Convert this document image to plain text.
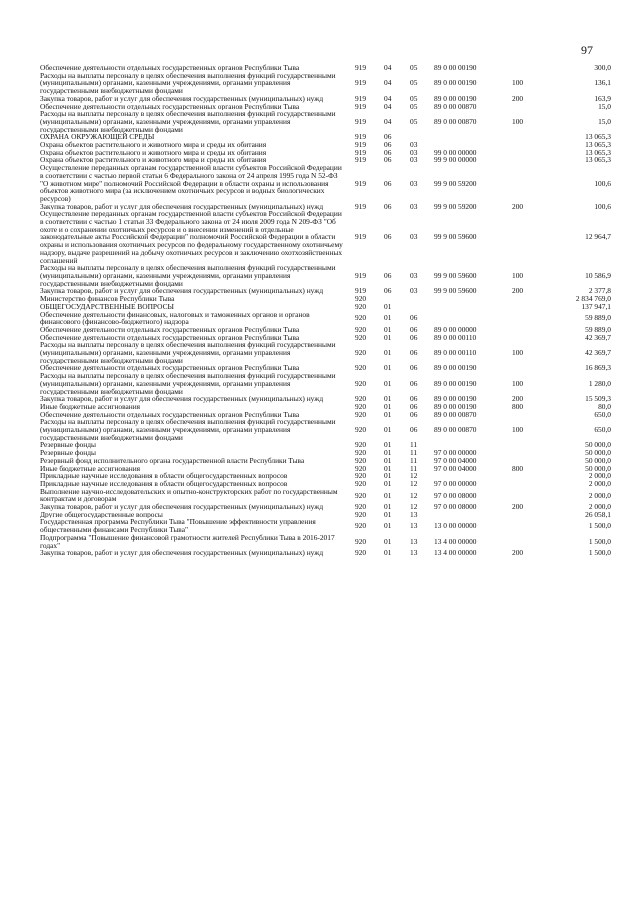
97
Обеспечение деятельности отдельных государственных органов Республики Тыва	919	04	05	89 0 00 00190		300,0
Расходы на выплаты персоналу в целях обеспечения выполнения функций государственными (муниципальными) органами, казенными учреждениями, органами управления государственными внебюджетными фондами	919	04	05	89 0 00 00190	100	136,1
Закупка товаров, работ и услуг для обеспечения государственных (муниципальных) нужд	919	04	05	89 0 00 00190	200	163,9
Обеспечение деятельности отдельных государственных органов Республики Тыва	919	04	05	89 0 00 00870		15,0
Расходы на выплаты персоналу в целях обеспечения выполнения функций государственными (муниципальными) органами, казенными учреждениями, органами управления государственными внебюджетными фондами	919	04	05	89 0 00 00870	100	15,0
ОХРАНА ОКРУЖАЮЩЕЙ СРЕДЫ	919	06				13 065,3
Охрана объектов растительного и животного мира и среды их обитания	919	06	03			13 065,3
Охрана объектов растительного и животного мира и среды их обитания	919	06	03	99 0 00 00000		13 065,3
Охрана объектов растительного и животного мира и среды их обитания	919	06	03	99 9 00 00000		13 065,3
Осуществление переданных органам государственной власти субъектов Российской Федерации в соответствии с частью первой статьи 6 Федерального закона от 24 апреля 1995 года N 52-ФЗ "О животном мире" полномочий Российской Федерации в области охраны и использования объектов животного мира (за исключением охотничьих ресурсов и водных биологических ресурсов)	919	06	03	99 9 00 59200		100,6
Закупка товаров, работ и услуг для обеспечения государственных (муниципальных) нужд	919	06	03	99 9 00 59200	200	100,6
Осуществление переданных органам государственной власти субъектов Российской Федерации в соответствии с частью 1 статьи 33 Федерального закона от 24 июля 2009 года N 209-ФЗ "Об охоте и о сохранении охотничьих ресурсов и о внесении изменений в отдельные законодательные акты Российской Федерации" полномочий Российской Федерации в области охраны и использования охотничьих ресурсов по федеральному государственному охотничьему надзору, выдаче разрешений на добычу охотничьих ресурсов и заключению охотхозяйственных соглашений	919	06	03	99 9 00 59600		12 964,7
Расходы на выплаты персоналу в целях обеспечения выполнения функций государственными (муниципальными) органами, казенными учреждениями, органами управления государственными внебюджетными фондами	919	06	03	99 9 00 59600	100	10 586,9
Закупка товаров, работ и услуг для обеспечения государственных (муниципальных) нужд	919	06	03	99 9 00 59600	200	2 377,8
Министерство финансов Республики Тыва	920					2 834 769,0
ОБЩЕГОСУДАРСТВЕННЫЕ ВОПРОСЫ	920	01				137 947,1
Обеспечение деятельности финансовых, налоговых и таможенных органов и органов финансового (финансово-бюджетного) надзора	920	01	06			59 889,0
Обеспечение деятельности отдельных государственных органов Республики Тыва	920	01	06	89 0 00 00000		59 889,0
Обеспечение деятельности отдельных государственных органов Республики Тыва	920	01	06	89 0 00 00110		42 369,7
Расходы на выплаты персоналу в целях обеспечения выполнения функций государственными (муниципальными) органами, казенными учреждениями, органами управления государственными внебюджетными фондами	920	01	06	89 0 00 00110	100	42 369,7
Обеспечение деятельности отдельных государственных органов Республики Тыва	920	01	06	89 0 00 00190		16 869,3
Расходы на выплаты персоналу в целях обеспечения выполнения функций государственными (муниципальными) органами, казенными учреждениями, органами управления государственными внебюджетными фондами	920	01	06	89 0 00 00190	100	1 280,0
Закупка товаров, работ и услуг для обеспечения государственных (муниципальных) нужд	920	01	06	89 0 00 00190	200	15 509,3
Иные бюджетные ассигнования	920	01	06	89 0 00 00190	800	80,0
Обеспечение деятельности отдельных государственных органов Республики Тыва	920	01	06	89 0 00 00870		650,0
Расходы на выплаты персоналу в целях обеспечения выполнения функций государственными (муниципальными) органами, казенными учреждениями, органами управления государственными внебюджетными фондами	920	01	06	89 0 00 00870	100	650,0
Резервные фонды	920	01	11			50 000,0
Резервные фонды	920	01	11	97 0 00 00000		50 000,0
Резервный фонд исполнительного органа государственной власти Республики Тыва	920	01	11	97 0 00 04000		50 000,0
Иные бюджетные ассигнования	920	01	11	97 0 00 04000	800	50 000,0
Прикладные научные исследования в области общегосударственных вопросов	920	01	12			2 000,0
Прикладные научные исследования в области общегосударственных вопросов	920	01	12	97 0 00 00000		2 000,0
Выполнение научно-исследовательских и опытно-конструкторских работ по государственным контрактам и договорам	920	01	12	97 0 00 08000		2 000,0
Закупка товаров, работ и услуг для обеспечения государственных (муниципальных) нужд	920	01	12	97 0 00 08000	200	2 000,0
Другие общегосударственные вопросы	920	01	13			26 058,1
Государственная программа Республики Тыва "Повышение эффективности управления общественными финансами Республики Тыва"	920	01	13	13 0 00 00000		1 500,0
Подпрограмма "Повышение финансовой грамотности жителей Республики Тыва в 2016-2017 годах"	920	01	13	13 4 00 00000		1 500,0
Закупка товаров, работ и услуг для обеспечения государственных (муниципальных) нужд	920	01	13	13 4 00 00000	200	1 500,0
